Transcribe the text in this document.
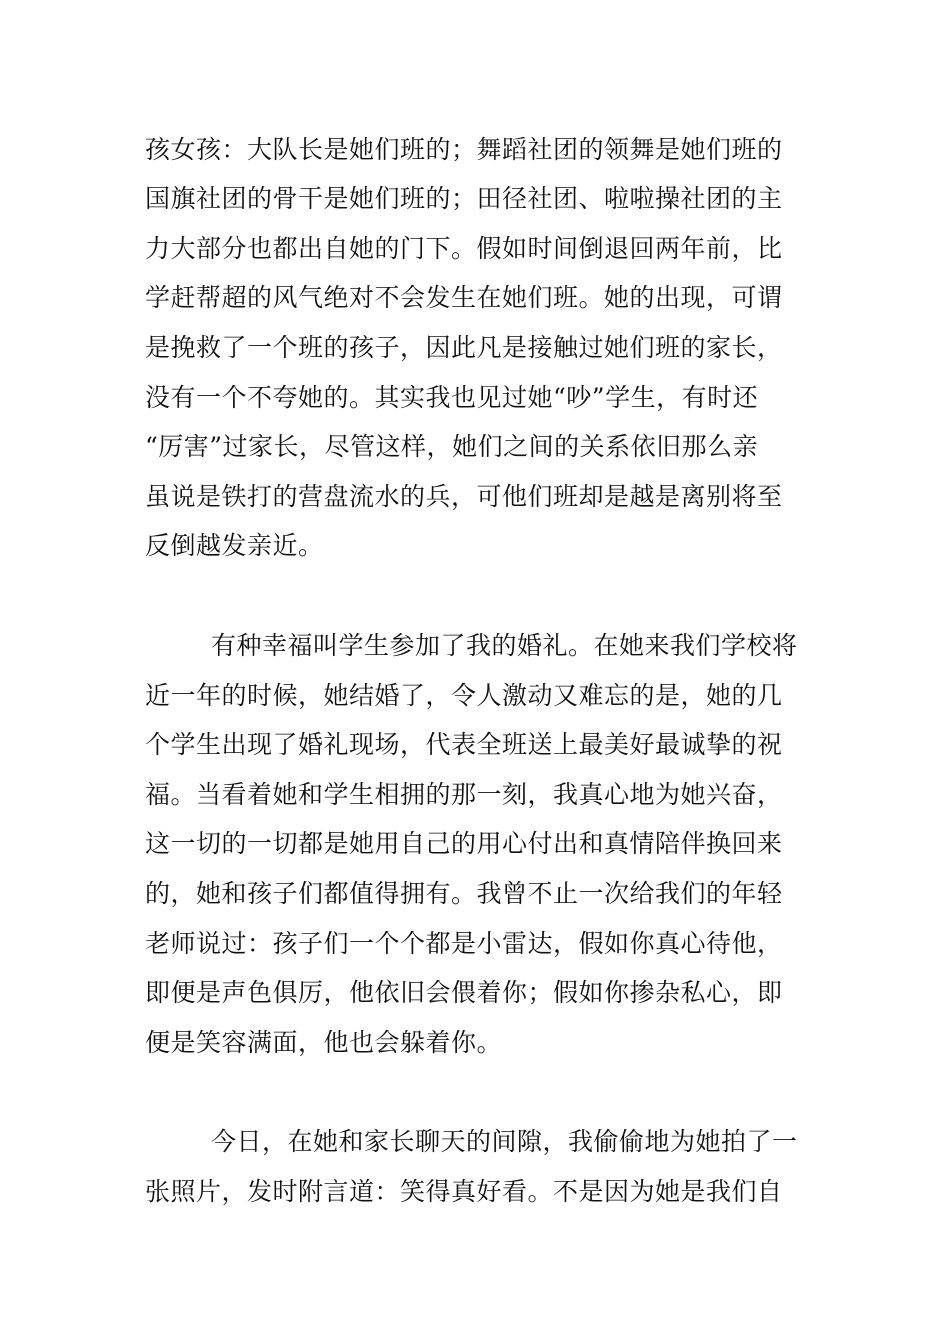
孩女孩：大队长是她们班的；舞蹈社团的领舞是她们班的
国旗社团的骨干是她们班的；田径社团、啦啦操社团的主
力大部分也都出自她的门下。假如时间倒退回两年前，比
学赶帮超的风气绝对不会发生在她们班。她的出现，可谓
是挽救了一个班的孩子，因此凡是接触过她们班的家长，
没有一个不夸她的。其实我也见过她“吵”学生，有时还
“厉害”过家长，尽管这样，她们之间的关系依旧那么亲
虽说是铁打的营盘流水的兵，可他们班却是越是离别将至
反倒越发亲近。
有种幸福叫学生参加了我的婚礼。在她来我们学校将
近一年的时候，她结婚了，令人激动又难忘的是，她的几
个学生出现了婚礼现场，代表全班送上最美好最诚挚的祝
福。当看着她和学生相拥的那一刻，我真心地为她兴奋，
这一切的一切都是她用自己的用心付出和真情陪伴换回来
的，她和孩子们都值得拥有。我曾不止一次给我们的年轻
老师说过：孩子们一个个都是小雷达，假如你真心待他，
即便是声色俱厉，他依旧会偎着你；假如你掺杂私心，即
便是笑容满面，他也会躲着你。
今日，在她和家长聊天的间隙，我偷偷地为她拍了一
张照片，发时附言道：笑得真好看。不是因为她是我们自
